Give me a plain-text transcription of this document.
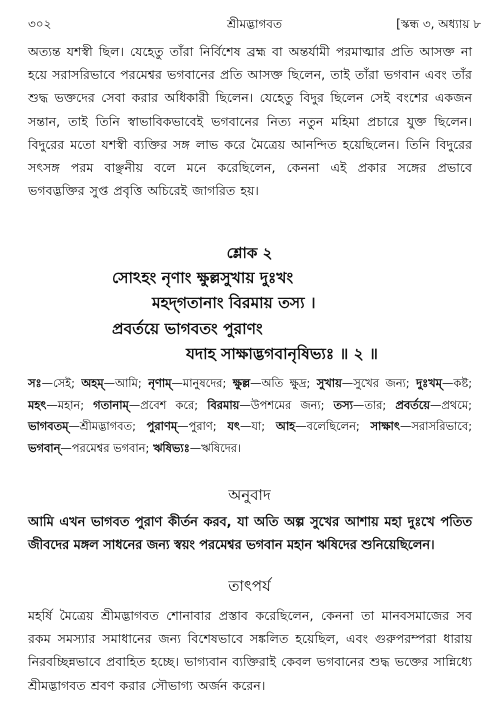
৩০২	শ্রীমদ্ভাগবত	[স্কন্ধ ৩, অধ্যায় ৮
অত্যন্ত যশস্বী ছিল। যেহেতু তাঁরা নির্বিশেষ ব্রহ্ম বা অন্তর্যামী পরমাত্মার প্রতি আসক্ত না হয়ে সরাসরিভাবে পরমেশ্বর ভগবানের প্রতি আসক্ত ছিলেন, তাই তাঁরা ভগবান এবং তাঁর শুদ্ধ ভক্তদের সেবা করার অধিকারী ছিলেন। যেহেতু বিদুর ছিলেন সেই বংশের একজন সন্তান, তাই তিনি স্বাভাবিকভাবেই ভগবানের নিত্য নতুন মহিমা প্রচারে যুক্ত ছিলেন। বিদুরের মতো যশস্বী ব্যক্তির সঙ্গ লাভ করে মৈত্রেয় আনন্দিত হয়েছিলেন। তিনি বিদুরের সৎসঙ্গ পরম বাঞ্ছনীয় বলে মনে করেছিলেন, কেননা এই প্রকার সঙ্গের প্রভাবে ভগবদ্ভক্তির সুপ্ত প্রবৃত্তি অচিরেই জাগরিত হয়।
শ্লোক ২
সোঽহং নৃণাং ক্ষুল্লসুখায় দুঃখং
মহদ্‌গতানাং বিরমায় তস্য ।
প্রবর্তয়ে ভাগবতং পুরাণং
যদাহ সাক্ষাদ্ভগবানৃষিভ্যঃ ॥ ২ ॥
সঃ—সেই; অহম্‌—আমি; নৃণাম্‌—মানুষদের; ক্ষুল্ল—অতি ক্ষুদ্র; সুখায়—সুখের জন্য; দুঃখম্‌—কষ্ট; মহৎ—মহান; গতানাম্‌—প্রবেশ করে; বিরমায়—উপশমের জন্য; তস্য—তার; প্রবর্তয়ে—প্রথমে; ভাগবতম্‌—শ্রীমদ্ভাগবত; পুরাণম্‌—পুরাণ; যৎ—যা; আহ—বলেছিলেন; সাক্ষাৎ—সরাসরিভাবে; ভগবান্‌—পরমেশ্বর ভগবান; ঋষিভ্যঃ—ঋষিদের।
অনুবাদ
আমি এখন ভাগবত পুরাণ কীর্তন করব, যা অতি অল্প সুখের আশায় মহা দুঃখে পতিত জীবদের মঙ্গল সাধনের জন্য স্বয়ং পরমেশ্বর ভগবান মহান ঋষিদের শুনিয়েছিলেন।
তাৎপর্য
মহর্ষি মৈত্রেয় শ্রীমদ্ভাগবত শোনাবার প্রস্তাব করেছিলেন, কেননা তা মানবসমাজের সব রকম সমস্যার সমাধানের জন্য বিশেষভাবে সঙ্কলিত হয়েছিল, এবং গুরুপরম্পরা ধারায় নিরবচ্ছিন্নভাবে প্রবাহিত হচ্ছে। ভাগ্যবান ব্যক্তিরাই কেবল ভগবানের শুদ্ধ ভক্তের সান্নিধ্যে শ্রীমদ্ভাগবত শ্রবণ করার সৌভাগ্য অর্জন করেন।
